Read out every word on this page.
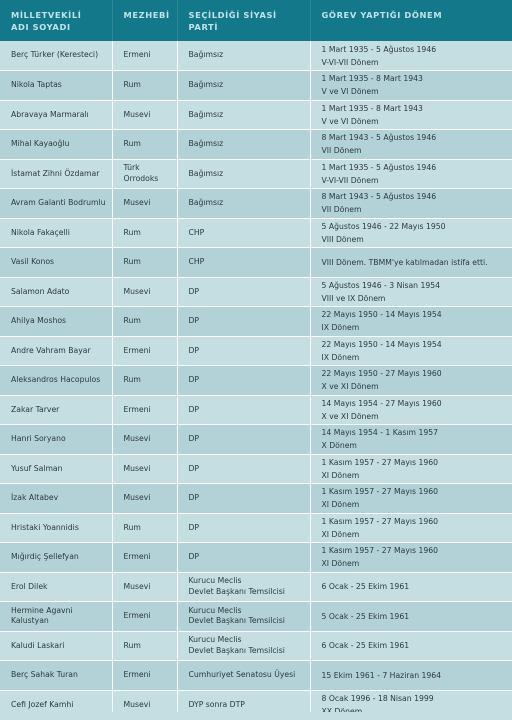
MİLLETVEKİLİ
ADI SOYADI	MEZHEBİ	SEÇİLDİĞİ SİYASİ PARTİ	GÖREV YAPTIĞI DÖNEM
Berç Türker (Keresteci)	Ermeni	Bağımsız	1 Mart 1935 - 5 Ağustos 1946
V-VI-VII Dönem

Nikola Taptas	Rum	Bağımsız	1 Mart 1935 - 8 Mart 1943
V ve VI Dönem

Abravaya Marmaralı	Musevi	Bağımsız	1 Mart 1935 - 8 Mart 1943
V ve VI Dönem

Mihal Kayaoğlu	Rum	Bağımsız	8 Mart 1943 - 5 Ağustos 1946
VII Dönem

İstamat Zihni Özdamar	Türk Orrodoks	Bağımsız	1 Mart 1935 - 5 Ağustos 1946
V-VI-VII Dönem

Avram Galanti Bodrumlu	Musevi	Bağımsız	8 Mart 1943 - 5 Ağustos 1946
VII Dönem

Nikola Fakaçelli	Rum	CHP	5 Ağustos 1946 - 22 Mayıs 1950
VIII Dönem

Vasil Konos	Rum	CHP	VIII Dönem. TBMM'ye katılmadan istifa etti.

Salamon Adato	Musevi	DP	5 Ağustos 1946 - 3 Nisan 1954
VIII ve IX Dönem

Ahilya Moshos	Rum	DP	22 Mayıs 1950 - 14 Mayıs 1954
IX Dönem

Andre Vahram Bayar	Ermeni	DP	22 Mayıs 1950 - 14 Mayıs 1954
IX Dönem

Aleksandros Hacopulos	Rum	DP	22 Mayıs 1950 - 27 Mayıs 1960
X ve XI Dönem

Zakar Tarver	Ermeni	DP	14 Mayıs 1954 - 27 Mayıs 1960
X ve XI Dönem

Hanri Soryano	Musevi	DP	14 Mayıs 1954 - 1 Kasım 1957
X Dönem

Yusuf Salman	Musevi	DP	1 Kasım 1957 - 27 Mayıs 1960
XI Dönem

İzak Altabev	Musevi	DP	1 Kasım 1957 - 27 Mayıs 1960
XI Dönem

Hristaki Yoannidis	Rum	DP	1 Kasım 1957 - 27 Mayıs 1960
XI Dönem

Mığırdiç Şellefyan	Ermeni	DP	1 Kasım 1957 - 27 Mayıs 1960
XI Dönem

Erol Dilek	Musevi	Kurucu Meclis
Devlet Başkanı Temsilcisi	6 Ocak - 25 Ekim 1961

Hermine Agavni Kalustyan	Ermeni	Kurucu Meclis
Devlet Başkanı Temsilcisi	5 Ocak - 25 Ekim 1961

Kaludi Laskari	Rum	Kurucu Meclis
Devlet Başkanı Temsilcisi	6 Ocak - 25 Ekim 1961

Berç Sahak Turan	Ermeni	Cumhuriyet Senatosu Üyesi	15 Ekim 1961 - 7 Haziran 1964

Cefi Jozef Kamhi	Musevi	DYP sonra DTP	8 Ocak 1996 - 18 Nisan 1999
